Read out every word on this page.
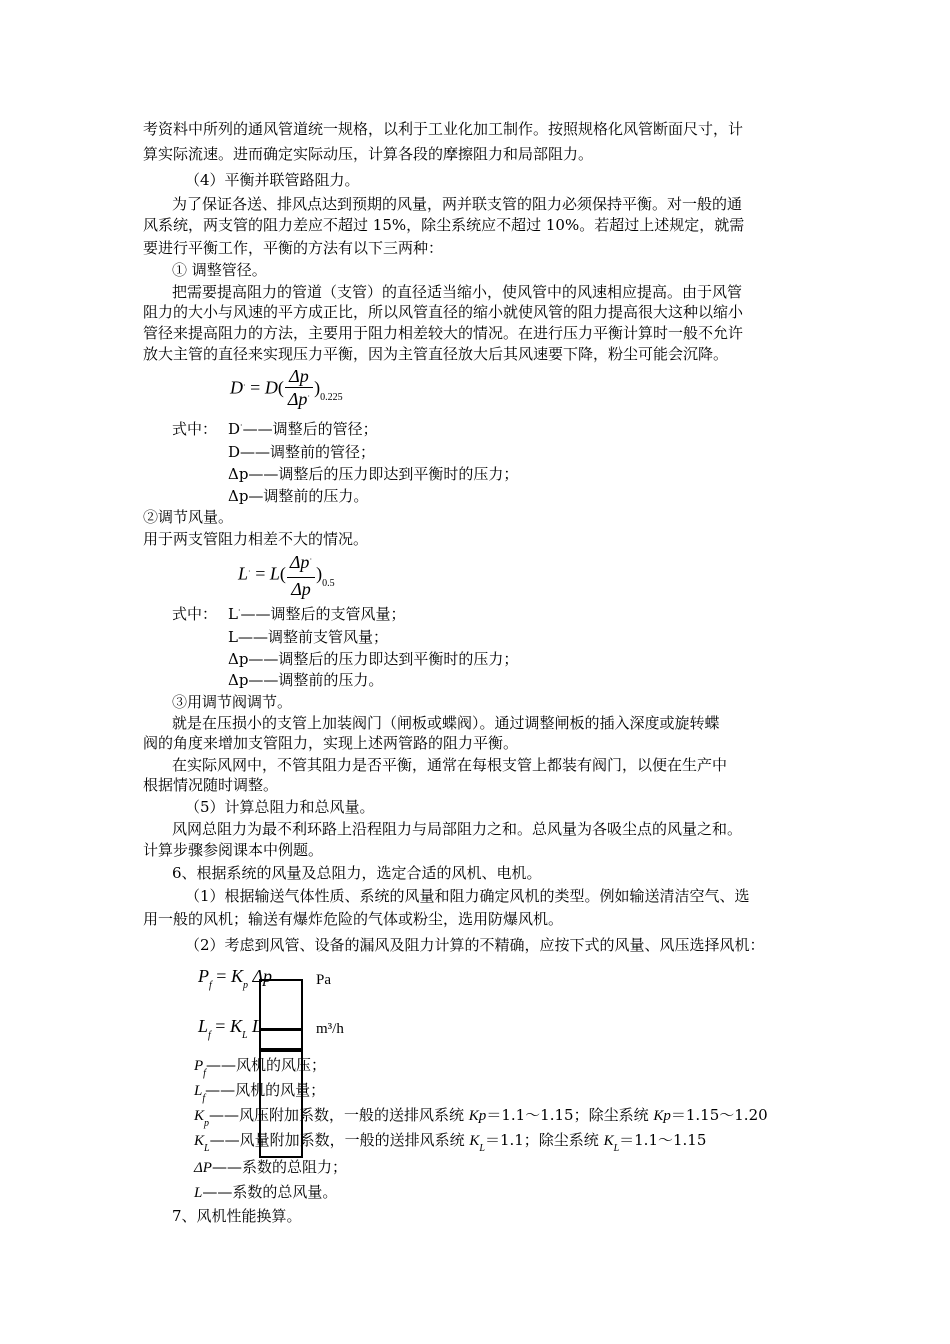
考资料中所列的通风管道统一规格，以利于工业化加工制作。按照规格化风管断面尺寸，计
算实际流速。进而确定实际动压，计算各段的摩擦阻力和局部阻力。
（4）平衡并联管路阻力。
为了保证各送、排风点达到预期的风量，两并联支管的阻力必须保持平衡。对一般的通
风系统，两支管的阻力差应不超过 15%，除尘系统应不超过 10%。若超过上述规定，就需
要进行平衡工作，平衡的方法有以下三两种：
① 调整管径。
把需要提高阻力的管道（支管）的直径适当缩小，使风管中的风速相应提高。由于风管
阻力的大小与风速的平方成正比，所以风管直径的缩小就使风管的阻力提高很大这种以缩小
管径来提高阻力的方法，主要用于阻力相差较大的情况。在进行压力平衡计算时一般不允许
放大主管的直径来实现压力平衡，因为主管直径放大后其风速要下降，粉尘可能会沉降。
$D^\cdot = D( \frac{\Delta p}{\Delta p^\cdot} )_{0.225}$
式中： D·——调整后的管径；
D——调整前的管径；
Δp——调整后的压力即达到平衡时的压力；
Δp—调整前的压力。
②调节风量。
用于两支管阻力相差不大的情况。
$L^\cdot = L( \frac{\Delta p^\cdot}{\Delta p} )_{0.5}$
式中： L·——调整后的支管风量；
L——调整前支管风量；
Δp——调整后的压力即达到平衡时的压力；
Δp——调整前的压力。
③用调节阀调节。
就是在压损小的支管上加装阀门（闸板或蝶阀）。通过调整闸板的插入深度或旋转蝶
阀的角度来增加支管阻力，实现上述两管路的阻力平衡。
在实际风网中，不管其阻力是否平衡，通常在每根支管上都装有阀门，以便在生产中
根据情况随时调整。
（5）计算总阻力和总风量。
风网总阻力为最不利环路上沿程阻力与局部阻力之和。总风量为各吸尘点的风量之和。
计算步骤参阅课本中例题。
6、根据系统的风量及总阻力，选定合适的风机、电机。
（1）根据输送气体性质、系统的风量和阻力确定风机的类型。例如输送清洁空气、选
用一般的风机；输送有爆炸危险的气体或粉尘，选用防爆风机。
（2）考虑到风管、设备的漏风及阻力计算的不精确，应按下式的风量、风压选择风机：
$P_f = K_p$ Δp	Pa
$L_f = K_L$ L	m³/h
$P_f——$风机的风压；
$L_f——$风机的风量；
$K_p——$风压附加系数，一般的送排风系统 Kp＝1.1～1.15；除尘系统 Kp＝1.15～1.20
$K_L——$风量附加系数，一般的送排风系统 $K_L=1.1$；除尘系统 $K_L=1.1\sim 1.15$
ΔP——系数的总阻力；
L——系数的总风量。
7、风机性能换算。
